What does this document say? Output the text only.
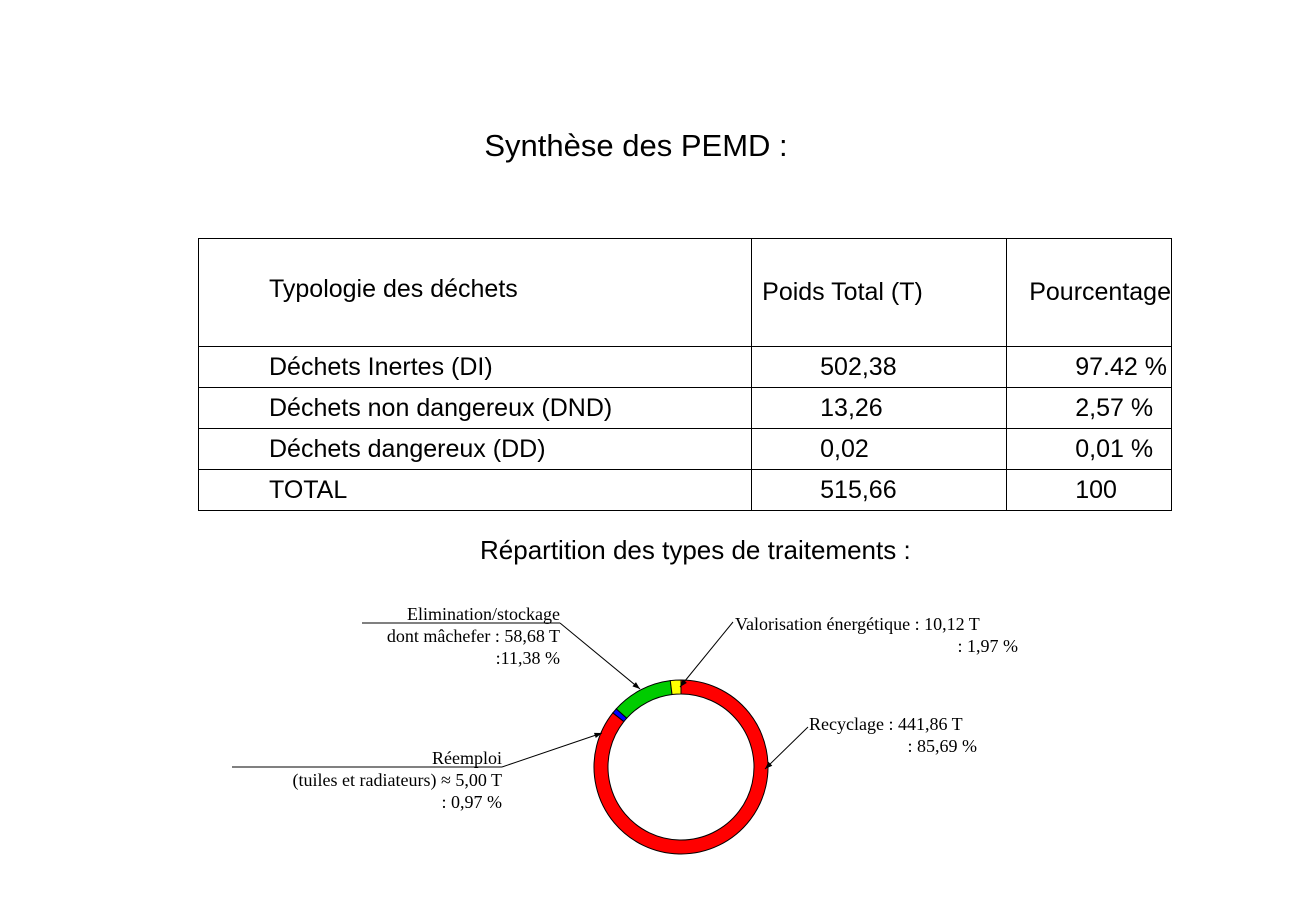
Synthèse des PEMD :
Typologie des déchets	Poids Total (T)	Pourcentage
Déchets Inertes (DI)	502,38	97.42 %
Déchets non dangereux (DND)	13,26	2,57 %
Déchets dangereux (DD)	0,02	0,01 %
TOTAL	515,66	100
Répartition des types de traitements :
Recyclage : 441,86 T
: 85,69 %
Réemploi
(tuiles et radiateurs) ≈ 5,00 T
: 0,97 %
Elimination/stockage
dont mâchefer : 58,68 T
:11,38 %
Valorisation énergétique : 10,12 T
: 1,97 %
